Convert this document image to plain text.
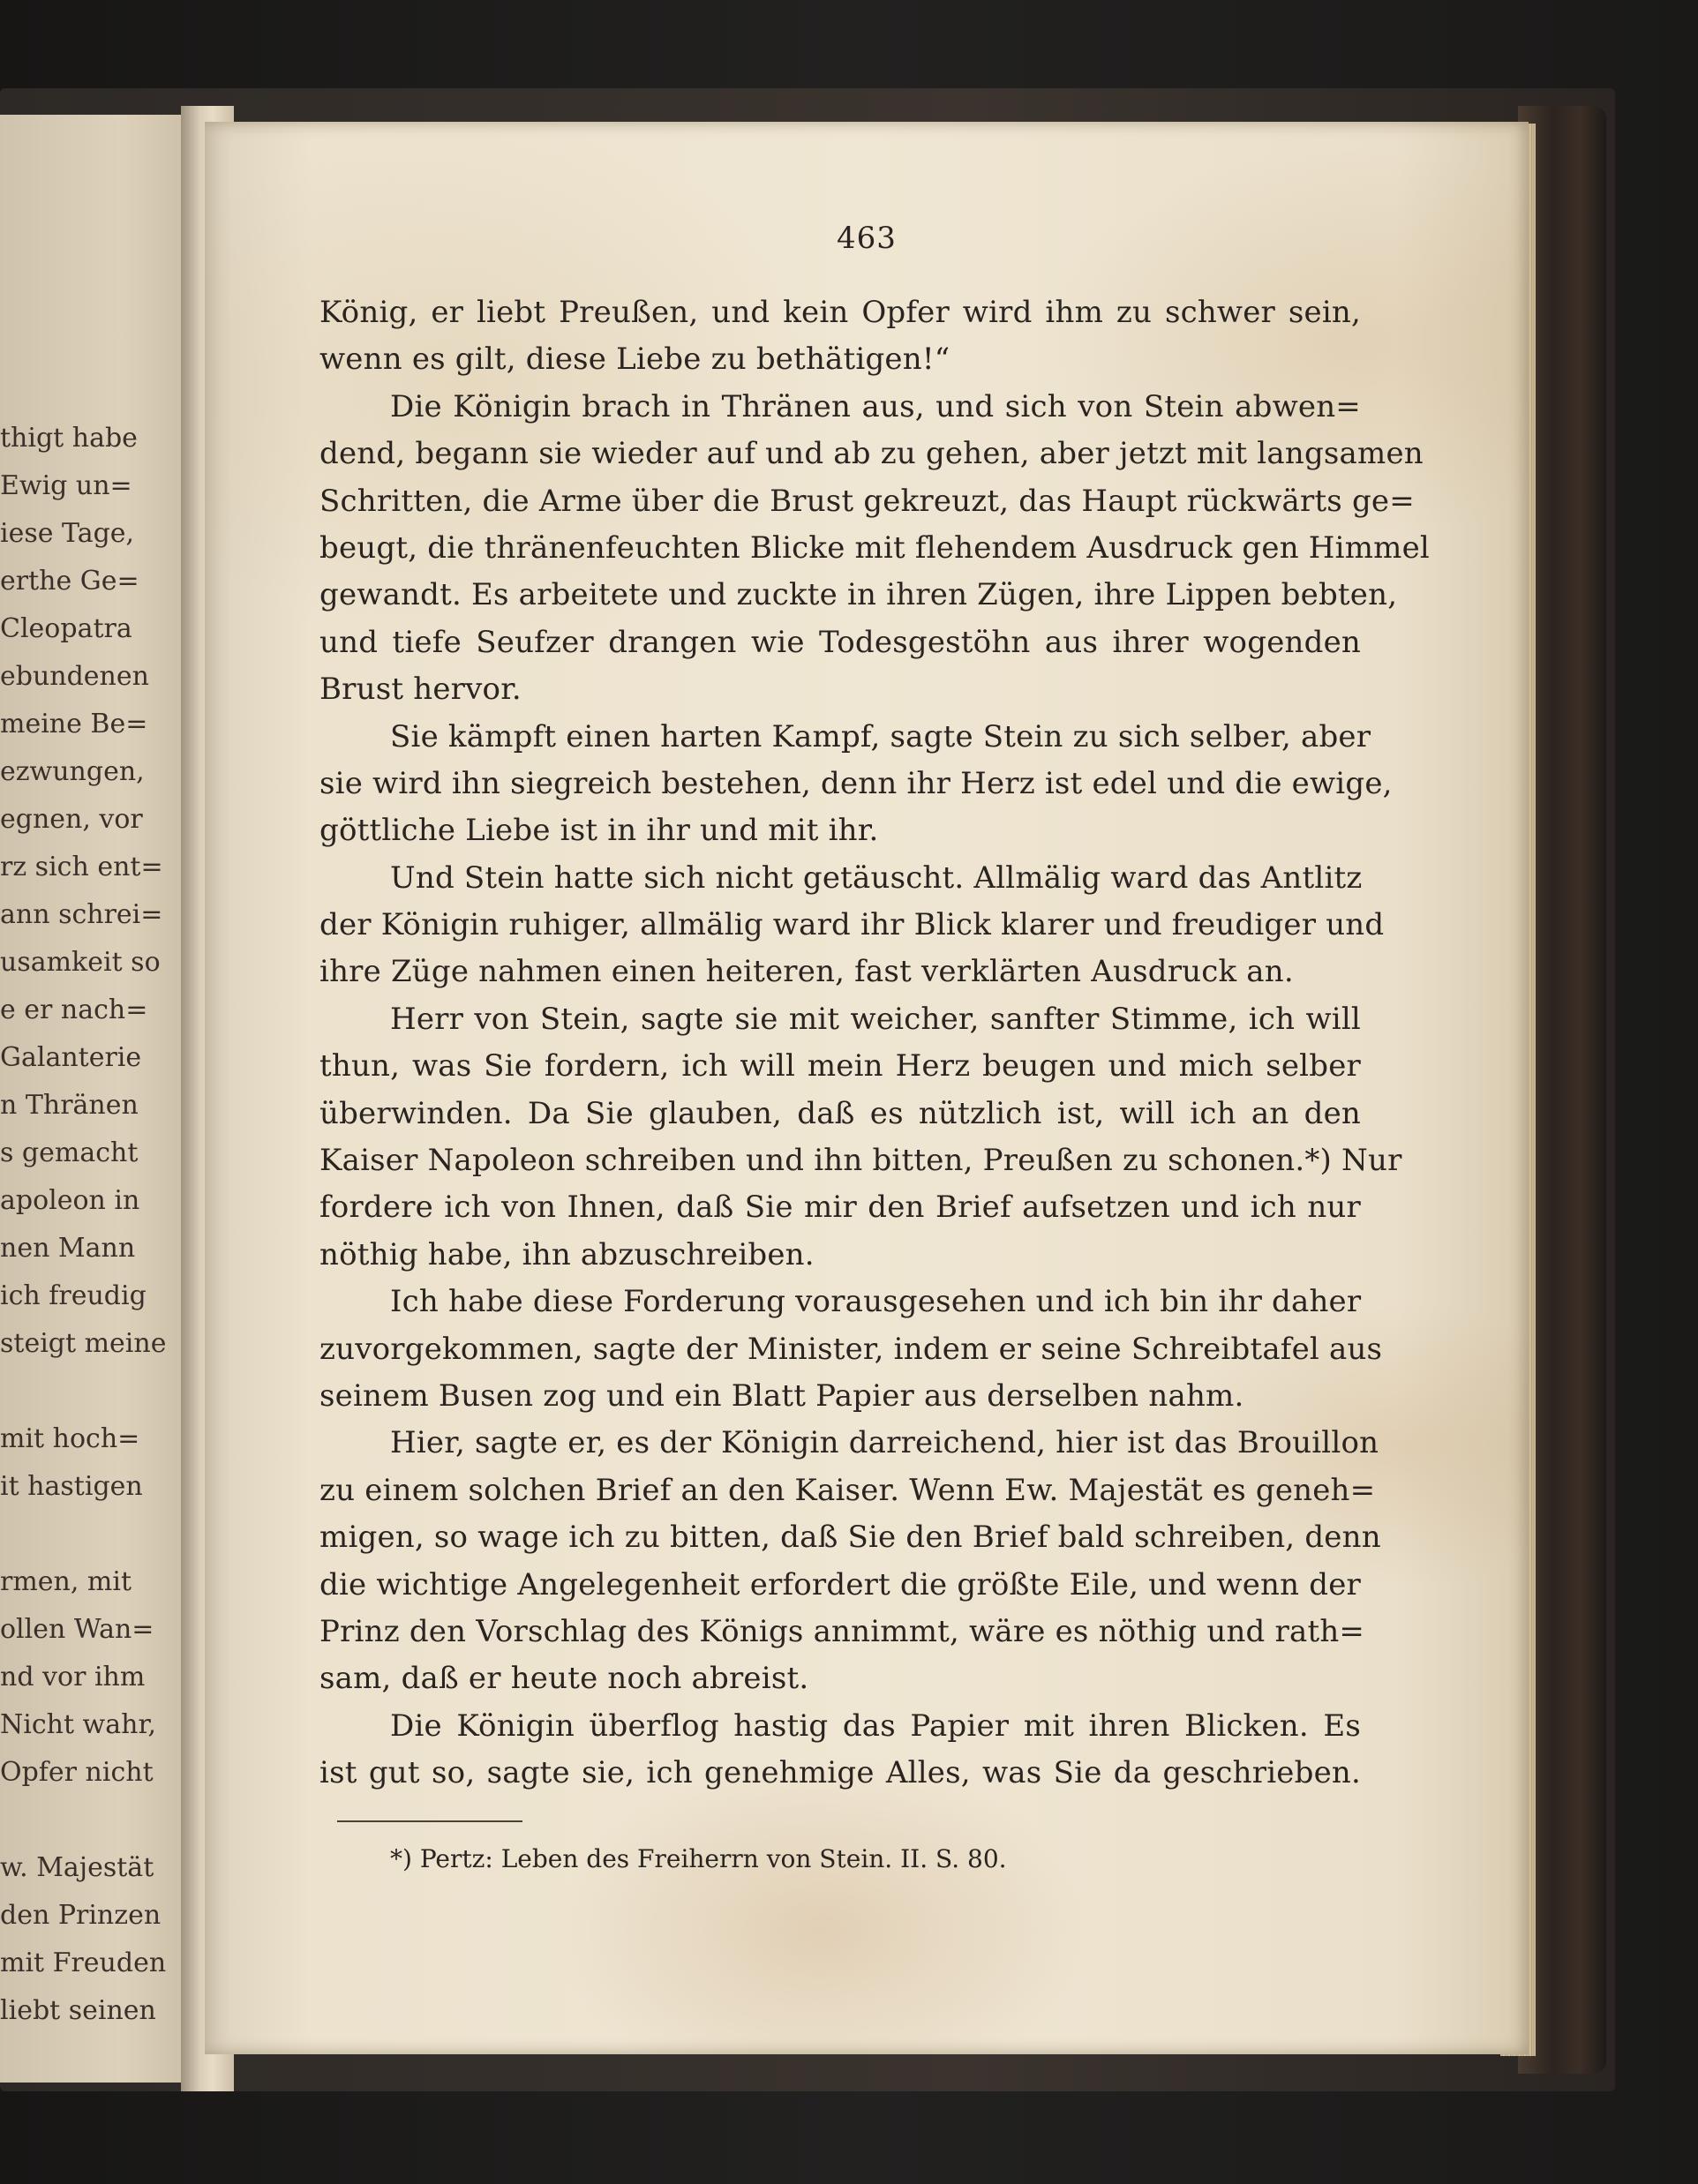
thigt habe
Ewig un=
iese Tage,
erthe Ge=
Cleopatra
ebundenen
meine Be=
ezwungen,
egnen, vor
rz sich ent=
ann schrei=
usamkeit so
e er nach=
Galanterie
n Thränen
s gemacht
apoleon in
nen Mann
ich freudig
steigt meine
mit hoch=
it hastigen
rmen, mit
ollen Wan=
nd vor ihm
Nicht wahr,
Opfer nicht
w. Majestät
den Prinzen
mit Freuden
liebt seinen

463

König, er liebt Preußen, und kein Opfer wird ihm zu schwer sein,
wenn es gilt, diese Liebe zu bethätigen!“
Die Königin brach in Thränen aus, und sich von Stein abwen=
dend, begann sie wieder auf und ab zu gehen, aber jetzt mit langsamen
Schritten, die Arme über die Brust gekreuzt, das Haupt rückwärts ge=
beugt, die thränenfeuchten Blicke mit flehendem Ausdruck gen Himmel
gewandt. Es arbeitete und zuckte in ihren Zügen, ihre Lippen bebten,
und tiefe Seufzer drangen wie Todesgestöhn aus ihrer wogenden
Brust hervor.
Sie kämpft einen harten Kampf, sagte Stein zu sich selber, aber
sie wird ihn siegreich bestehen, denn ihr Herz ist edel und die ewige,
göttliche Liebe ist in ihr und mit ihr.
Und Stein hatte sich nicht getäuscht. Allmälig ward das Antlitz
der Königin ruhiger, allmälig ward ihr Blick klarer und freudiger und
ihre Züge nahmen einen heiteren, fast verklärten Ausdruck an.
Herr von Stein, sagte sie mit weicher, sanfter Stimme, ich will
thun, was Sie fordern, ich will mein Herz beugen und mich selber
überwinden. Da Sie glauben, daß es nützlich ist, will ich an den
Kaiser Napoleon schreiben und ihn bitten, Preußen zu schonen.*) Nur
fordere ich von Ihnen, daß Sie mir den Brief aufsetzen und ich nur
nöthig habe, ihn abzuschreiben.
Ich habe diese Forderung vorausgesehen und ich bin ihr daher
zuvorgekommen, sagte der Minister, indem er seine Schreibtafel aus
seinem Busen zog und ein Blatt Papier aus derselben nahm.
Hier, sagte er, es der Königin darreichend, hier ist das Brouillon
zu einem solchen Brief an den Kaiser. Wenn Ew. Majestät es geneh=
migen, so wage ich zu bitten, daß Sie den Brief bald schreiben, denn
die wichtige Angelegenheit erfordert die größte Eile, und wenn der
Prinz den Vorschlag des Königs annimmt, wäre es nöthig und rath=
sam, daß er heute noch abreist.
Die Königin überflog hastig das Papier mit ihren Blicken. Es
ist gut so, sagte sie, ich genehmige Alles, was Sie da geschrieben.
*) Pertz: Leben des Freiherrn von Stein. II. S. 80.
